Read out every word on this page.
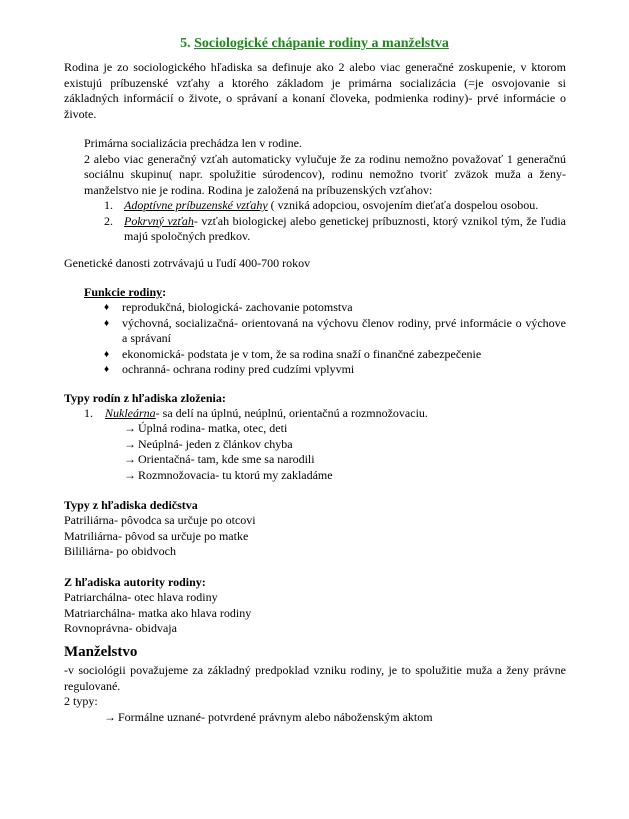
5. Sociologické chápanie rodiny a manželstva
Rodina je zo sociologického hľadiska sa definuje ako 2 alebo viac generačné zoskupenie, v ktorom existujú príbuzenské vzťahy a ktorého základom je primárna socializácia (=je osvojovanie si základných informácií o živote, o správaní a konaní človeka, podmienka rodiny)- prvé informácie o živote.
Primárna socializácia prechádza len v rodine.
2 alebo viac generačný vzťah automaticky vylučuje že za rodinu nemožno považovať 1 generačnú sociálnu skupinu( napr. spolužitie súrodencov), rodinu nemožno tvoriť zväzok muža a ženy- manželstvo nie je rodina. Rodina je založená na príbuzenských vzťahov:
1. Adoptívne príbuzenské vzťahy ( vzniká adopciou, osvojením dieťaťa dospelou osobou.
2. Pokrvný vzťah- vzťah biologickej alebo genetickej príbuznosti, ktorý vznikol tým, že ľudia majú spoločných predkov.
Genetické danosti zotrvávajú u ľudí 400-700 rokov
Funkcie rodiny:
♦ reprodukčná, biologická- zachovanie potomstva
♦ výchovná, socializačná- orientovaná na výchovu členov rodiny, prvé informácie o výchove a správaní
♦ ekonomická- podstata je v tom, že sa rodina snaží o finančné zabezpečenie
♦ ochranná- ochrana rodiny pred cudzími vplyvmi
Typy rodín z hľadiska zloženia:
1. Nukleárna- sa delí na úplnú, neúplnú, orientačnú a rozmnožovaciu.
→ Úplná rodina- matka, otec, deti
→ Neúplná- jeden z článkov chyba
→ Orientačná- tam, kde sme sa narodili
→ Rozmnožovacia- tu ktorú my zakladáme
Typy z hľadiska dedičstva
Patriliárna- pôvodca sa určuje po otcovi
Matriliárna- pôvod sa určuje po matke
Bililiárna- po obidvoch
Z hľadiska autority rodiny:
Patriarchálna- otec hlava rodiny
Matriarchálna- matka ako hlava rodiny
Rovnoprávna- obidvaja
Manželstvo
-v sociológii považujeme za základný predpoklad vzniku rodiny, je to spolužitie muža a ženy právne regulované.
2 typy:
→ Formálne uznané- potvrdené právnym alebo náboženským aktom
